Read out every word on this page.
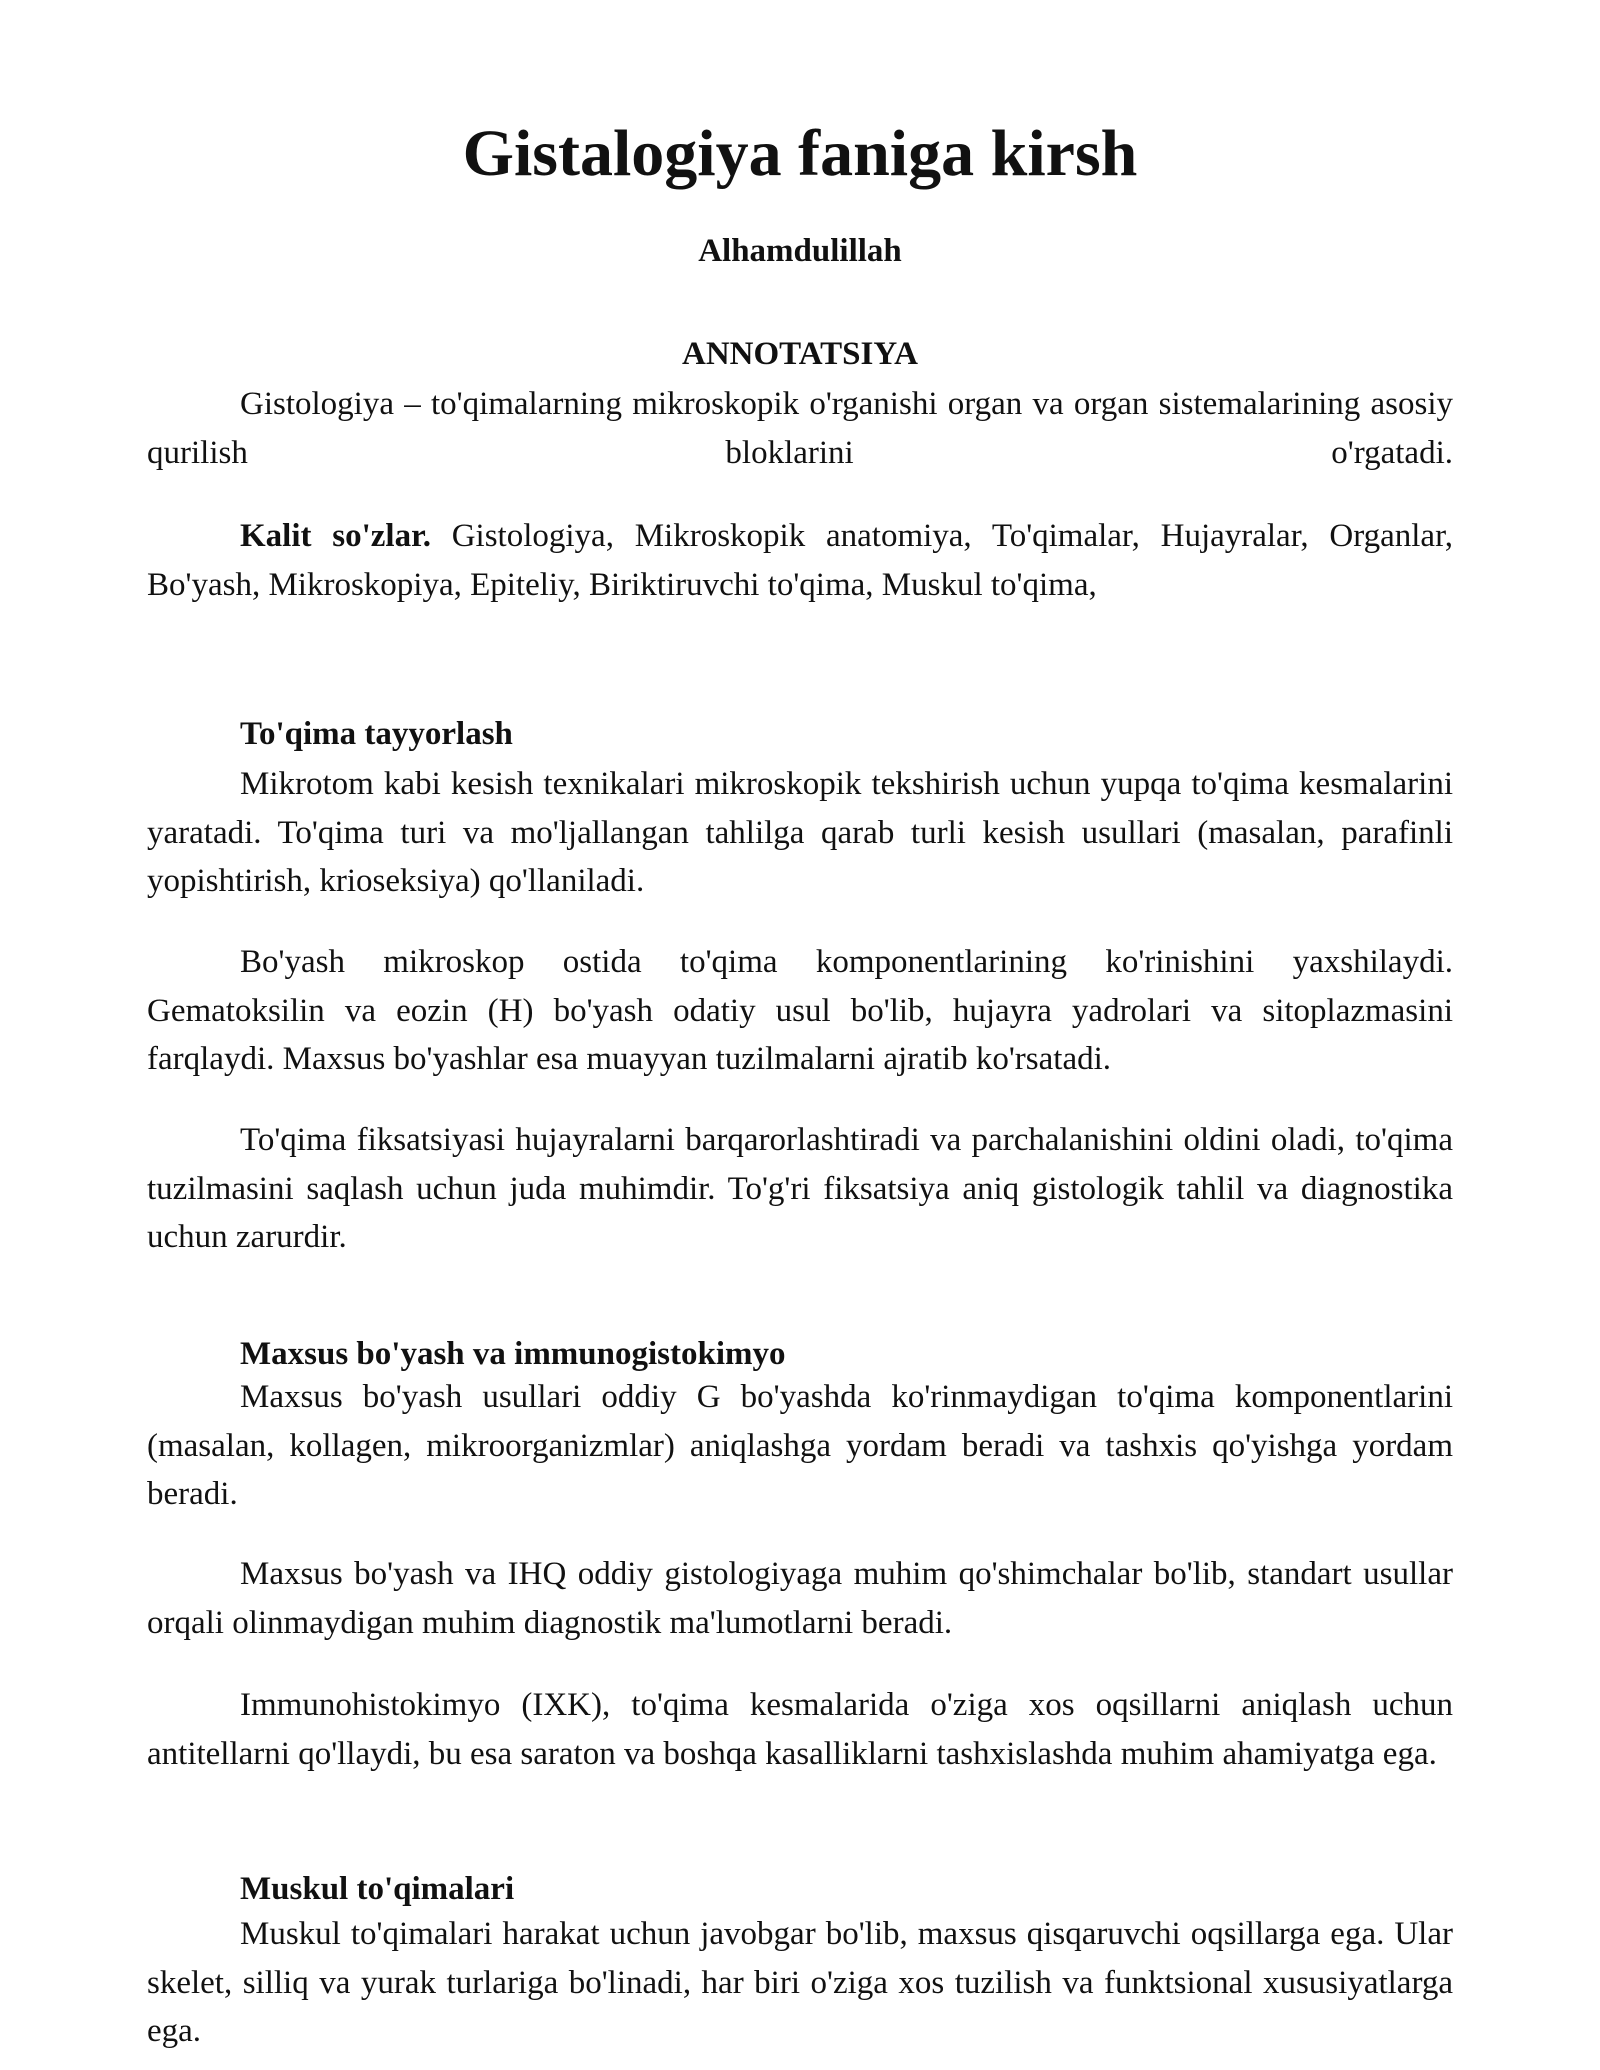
Gistalogiya faniga kirsh
Alhamdulillah
ANNOTATSIYA

Gistologiya – to'qimalarning mikroskopik o'rganishi organ va organ sistemalarining asosiy qurilish bloklarini o'rgatadi.

Kalit so'zlar. Gistologiya, Mikroskopik anatomiya, To'qimalar, Hujayralar, Organlar, Bo'yash, Mikroskopiya, Epiteliy, Biriktiruvchi to'qima, Muskul to'qima,

To'qima tayyorlash

Mikrotom kabi kesish texnikalari mikroskopik tekshirish uchun yupqa to'qima kesmalarini yaratadi. To'qima turi va mo'ljallangan tahlilga qarab turli kesish usullari (masalan, parafinli yopishtirish, krioseksiya) qo'llaniladi.

Bo'yash mikroskop ostida to'qima komponentlarining ko'rinishini yaxshilaydi. Gematoksilin va eozin (H) bo'yash odatiy usul bo'lib, hujayra yadrolari va sitoplazmasini farqlaydi. Maxsus bo'yashlar esa muayyan tuzilmalarni ajratib ko'rsatadi.

To'qima fiksatsiyasi hujayralarni barqarorlashtiradi va parchalanishini oldini oladi, to'qima tuzilmasini saqlash uchun juda muhimdir. To'g'ri fiksatsiya aniq gistologik tahlil va diagnostika uchun zarurdir.

Maxsus bo'yash va immunogistokimyo

Maxsus bo'yash usullari oddiy G bo'yashda ko'rinmaydigan to'qima komponentlarini (masalan, kollagen, mikroorganizmlar) aniqlashga yordam beradi va tashxis qo'yishga yordam beradi.

Maxsus bo'yash va IHQ oddiy gistologiyaga muhim qo'shimchalar bo'lib, standart usullar orqali olinmaydigan muhim diagnostik ma'lumotlarni beradi.

Immunohistokimyo (IXK), to'qima kesmalarida o'ziga xos oqsillarni aniqlash uchun antitellarni qo'llaydi, bu esa saraton va boshqa kasalliklarni tashxislashda muhim ahamiyatga ega.

Muskul to'qimalari

Muskul to'qimalari harakat uchun javobgar bo'lib, maxsus qisqaruvchi oqsillarga ega. Ular skelet, silliq va yurak turlariga bo'linadi, har biri o'ziga xos tuzilish va funktsional xususiyatlarga ega.
